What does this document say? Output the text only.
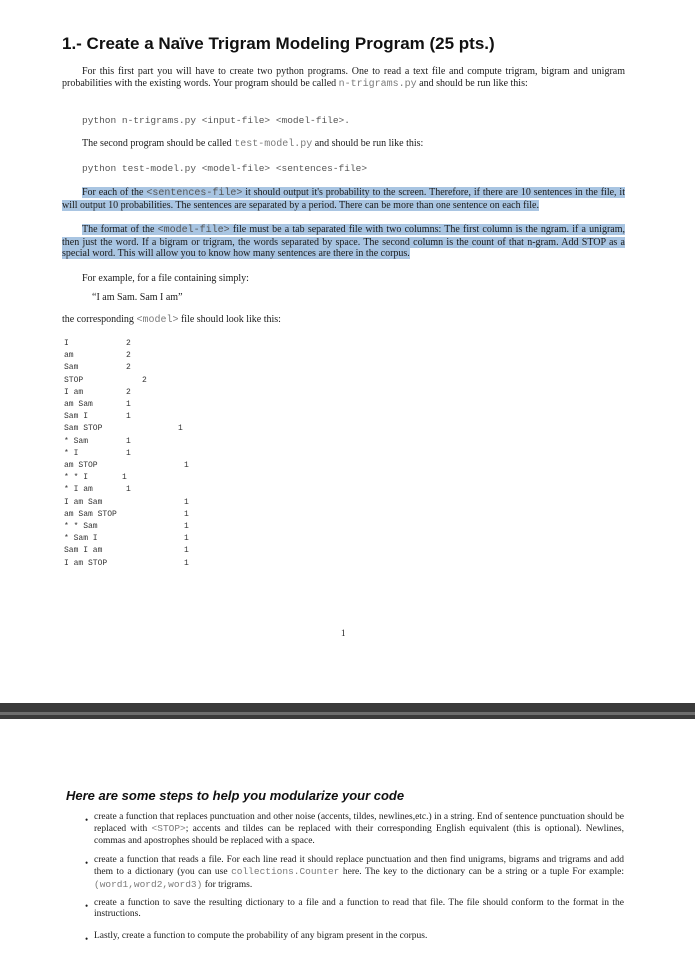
1.- Create a Naïve Trigram Modeling Program (25 pts.)
For this first part you will have to create two python programs. One to read a text file and compute trigram, bigram and unigram probabilities with the existing words. Your program should be called n-trigrams.py and should be run like this:
python n-trigrams.py <input-file> <model-file>.
The second program should be called test-model.py and should be run like this:
python test-model.py <model-file> <sentences-file>
For each of the <sentences-file> it should output it's probability to the screen. Therefore, if there are 10 sentences in the file, it will output 10 probabilities. The sentences are separated by a period. There can be more than one sentence on each file.
The format of the <model-file> file must be a tab separated file with two columns: The first column is the ngram. if a unigram, then just the word. If a bigram or trigram, the words separated by space. The second column is the count of that n-gram. Add STOP as a special word. This will allow you to know how many sentences are there in the corpus.
For example, for a file containing simply:
“I am Sam. Sam I am”
the corresponding <model> file should look like this:
I	2
am	2
Sam	2
STOP	2
I am	2
am Sam	1
Sam I	1
Sam STOP	1
* Sam	1
* I	1
am STOP	1
* * I	1
* I am	1
I am Sam	1
am Sam STOP	1
* * Sam	1
* Sam I	1
Sam I am	1
I am STOP	1
1
Here are some steps to help you modularize your code
• create a function that replaces punctuation and other noise (accents, tildes, newlines,etc.) in a string. End of sentence punctuation should be replaced with <STOP>; accents and tildes can be replaced with their corresponding English equivalent (this is optional). Newlines, commas and apostrophes should be replaced with a space.
• create a function that reads a file. For each line read it should replace punctuation and then find unigrams, bigrams and trigrams and add them to a dictionary (you can use collections.Counter here. The key to the dictionary can be a string or a tuple For example: (word1,word2,word3) for trigrams.
• create a function to save the resulting dictionary to a file and a function to read that file. The file should conform to the format in the instructions.
• Lastly, create a function to compute the probability of any bigram present in the corpus.
